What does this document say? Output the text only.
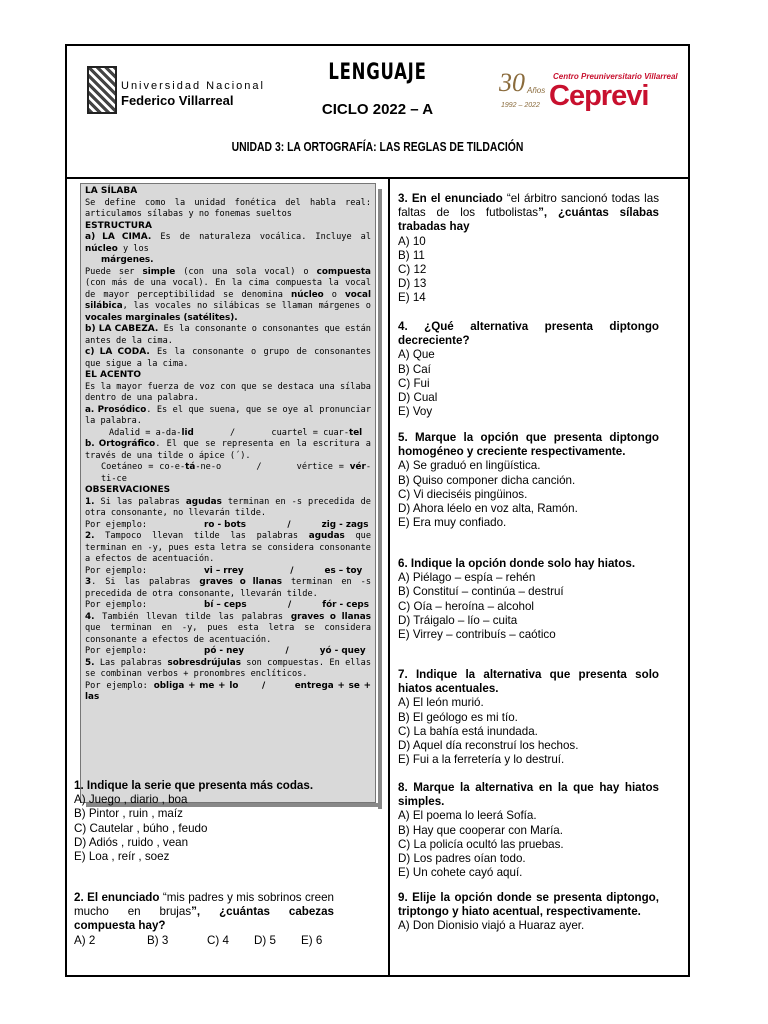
Universidad Nacional
Federico Villarreal
LENGUAJE
CICLO 2022 – A
UNIDAD 3: LA ORTOGRAFÍA: LAS REGLAS DE TILDACIÓN
30 Años
1992 – 2022
Centro Preuniversitario Villarreal
Ceprevi

LA SÍLABA

Se define como la unidad fonética del habla real: articulamos sílabas y no fonemas sueltos

ESTRUCTURA

a) LA CIMA. Es de naturaleza vocálica. Incluye al núcleo y los
márgenes.

Puede ser simple (con una sola vocal) o compuesta (con más de una vocal). En la cima compuesta la vocal de mayor perceptibilidad se denomina núcleo o vocal silábica, las vocales no silábicas se llaman márgenes o vocales marginales (satélites).

b) LA CABEZA. Es la consonante o consonantes que están antes de la cima.

c) LA CODA. Es la consonante o grupo de consonantes que sigue a la cima.

EL ACENTO

Es la mayor fuerza de voz con que se destaca una sílaba dentro de una palabra.

a. Prosódico. Es el que suena, que se oye al pronunciar la palabra.

Adalid = a-da-lid	/	cuartel = cuar-tel

b. Ortográfico. El que se representa en la escritura a través de una tilde o ápice (´).

Coetáneo = co-e-tá-ne-o	/	vértice = vér-ti-ce

OBSERVACIONES

1. Si las palabras agudas terminan en -s precedida de otra consonante, no llevarán tilde.

Por ejemplo:	ro - bots	/	zig - zags

2. Tampoco llevan tilde las palabras agudas que terminan en -y, pues esta letra se considera consonante a efectos de acentuación.

Por ejemplo:	vi – rrey	/	es – toy

3. Si las palabras graves o llanas terminan en -s precedida de otra consonante, llevarán tilde.

Por ejemplo:	bí – ceps	/	fór - ceps

4. También llevan tilde las palabras graves o llanas que terminan en -y, pues esta letra se considera consonante a efectos de acentuación.

Por ejemplo:	pó - ney	/	yó - quey

5. Las palabras sobresdrújulas son compuestas. En ellas se combinan verbos + pronombres enclíticos.

Por ejemplo: obliga + me + lo	/	entrega + se + las

1. Indique la serie que presenta más codas.

A) Juego , diario , boa

B) Pintor , ruin , maíz

C) Cautelar , búho , feudo

D) Adiós , ruido , vean

E) Loa , reír , soez

2. El enunciado “mis padres y mis sobrinos creen mucho en brujas”, ¿cuántas cabezas compuesta hay?

A) 2	B) 3	C) 4	D) 5	E) 6

3. En el enunciado “el árbitro sancionó todas las faltas de los futbolistas”, ¿cuántas sílabas trabadas hay

A) 10

B) 11

C) 12

D) 13

E) 14

4. ¿Qué alternativa presenta diptongo decreciente?

A) Que

B) Caí

C) Fui

D) Cual

E) Voy

5. Marque la opción que presenta diptongo homogéneo y creciente respectivamente.

A) Se graduó en lingüística.

B) Quiso componer dicha canción.

C) Vi dieciséis pingüinos.

D) Ahora léelo en voz alta, Ramón.

E) Era muy confiado.

6. Indique la opción donde solo hay hiatos.

A) Piélago – espía – rehén

B) Constituí – continúa – destruí

C) Oía – heroína – alcohol

D) Tráigalo – lío – cuita

E) Virrey – contribuís – caótico

7. Indique la alternativa que presenta solo hiatos acentuales.

A) El león murió.

B) El geólogo es mi tío.

C) La bahía está inundada.

D) Aquel día reconstruí los hechos.

E) Fui a la ferretería y lo destruí.

8. Marque la alternativa en la que hay hiatos simples.

A) El poema lo leerá Sofía.

B) Hay que cooperar con María.

C) La policía ocultó las pruebas.

D) Los padres oían todo.

E) Un cohete cayó aquí.

9. Elije la opción donde se presenta diptongo, triptongo y hiato acentual, respectivamente.

A) Don Dionisio viajó a Huaraz ayer.
